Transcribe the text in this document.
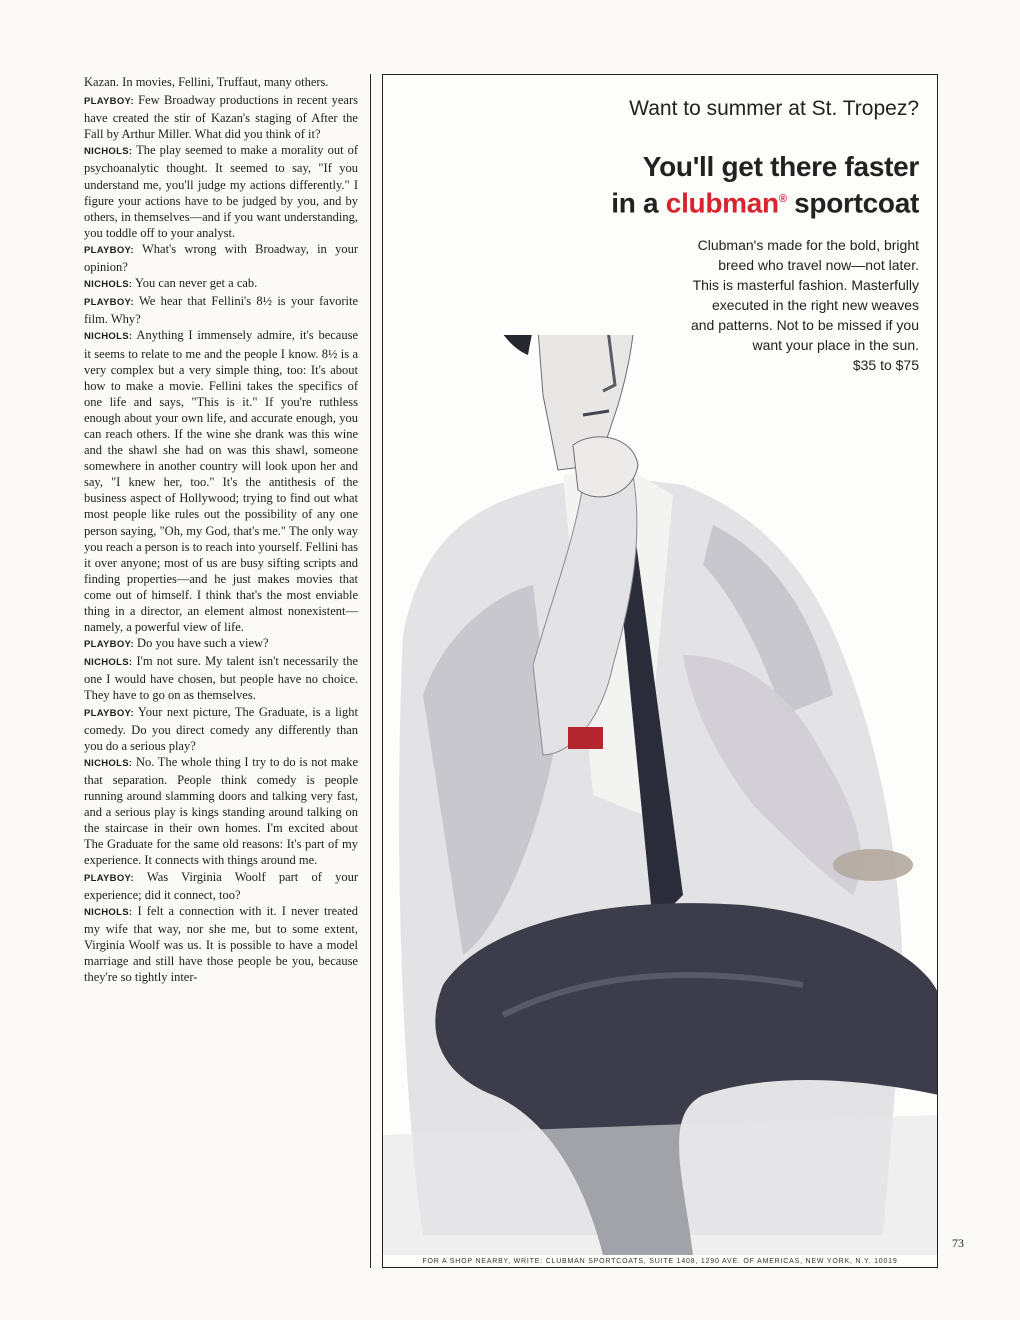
Kazan. In movies, Fellini, Truffaut, many others.

PLAYBOY: Few Broadway productions in recent years have created the stir of Kazan's staging of After the Fall by Arthur Miller. What did you think of it?

NICHOLS: The play seemed to make a morality out of psychoanalytic thought. It seemed to say, "If you understand me, you'll judge my actions differently." I figure your actions have to be judged by you, and by others, in themselves—and if you want understanding, you toddle off to your analyst.

PLAYBOY: What's wrong with Broadway, in your opinion?

NICHOLS: You can never get a cab.

PLAYBOY: We hear that Fellini's 8½ is your favorite film. Why?

NICHOLS: Anything I immensely admire, it's because it seems to relate to me and the people I know. 8½ is a very complex but a very simple thing, too: It's about how to make a movie. Fellini takes the specifics of one life and says, "This is it." If you're ruthless enough about your own life, and accurate enough, you can reach others. If the wine she drank was this wine and the shawl she had on was this shawl, someone somewhere in another country will look upon her and say, "I knew her, too." It's the antithesis of the business aspect of Hollywood; trying to find out what most people like rules out the possibility of any one person saying, "Oh, my God, that's me." The only way you reach a person is to reach into yourself. Fellini has it over anyone; most of us are busy sifting scripts and finding properties—and he just makes movies that come out of himself. I think that's the most enviable thing in a director, an element almost nonexistent—namely, a powerful view of life.

PLAYBOY: Do you have such a view?

NICHOLS: I'm not sure. My talent isn't necessarily the one I would have chosen, but people have no choice. They have to go on as themselves.

PLAYBOY: Your next picture, The Graduate, is a light comedy. Do you direct comedy any differently than you do a serious play?

NICHOLS: No. The whole thing I try to do is not make that separation. People think comedy is people running around slamming doors and talking very fast, and a serious play is kings standing around talking on the staircase in their own homes. I'm excited about The Graduate for the same old reasons: It's part of my experience. It connects with things around me.

PLAYBOY: Was Virginia Woolf part of your experience; did it connect, too?

NICHOLS: I felt a connection with it. I never treated my wife that way, nor she me, but to some extent, Virginia Woolf was us. It is possible to have a model marriage and still have those people be you, because they're so tightly inter-

Want to summer at St. Tropez?
You'll get there faster
in a clubman® sportcoat

Clubman's made for the bold, bright

breed who travel now—not later.

This is masterful fashion. Masterfully

executed in the right new weaves

and patterns. Not to be missed if you

want your place in the sun.

$35 to $75

FOR A SHOP NEARBY, WRITE: CLUBMAN SPORTCOATS, SUITE 1408, 1290 AVE. OF AMERICAS, NEW YORK, N.Y. 10019
73
